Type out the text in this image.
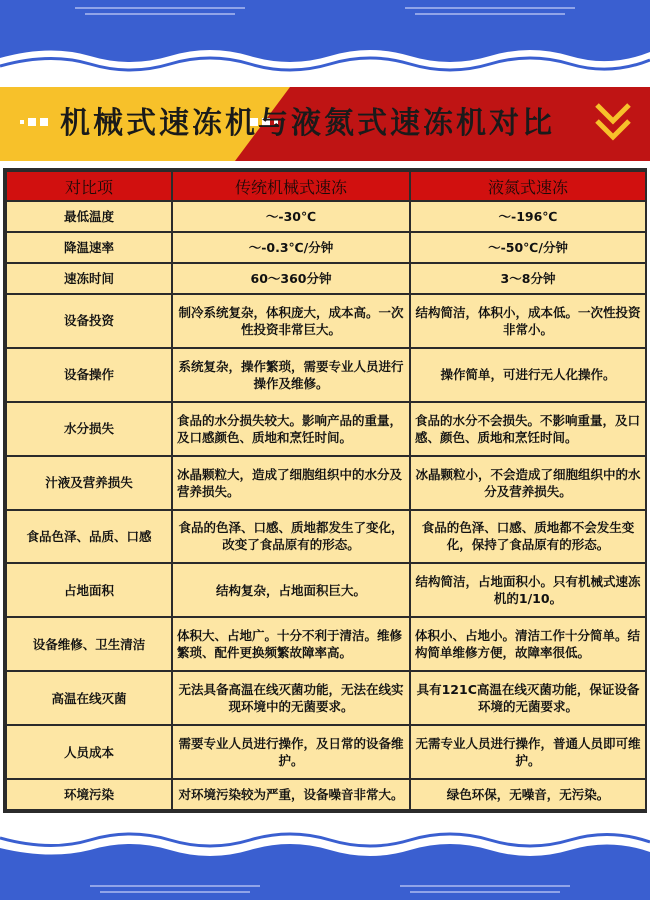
机械式速冻机与液氮式速冻机对比
对比项	传统机械式速冻	液氮式速冻
最低温度	～-30℃	～-196℃
降温速率	～-0.3℃/分钟	～-50℃/分钟
速冻时间	60～360分钟	3～8分钟
设备投资	制冷系统复杂，体积庞大，成本高。一次性投资非常巨大。	结构简洁，体积小，成本低。一次性投资非常小。
设备操作	系统复杂，操作繁琐，需要专业人员进行操作及维修。	操作简单，可进行无人化操作。
水分损失	食品的水分损失较大。影响产品的重量，及口感颜色、质地和烹饪时间。	食品的水分不会损失。不影响重量，及口感、颜色、质地和烹饪时间。
汁液及营养损失	冰晶颗粒大，造成了细胞组织中的水分及营养损失。	冰晶颗粒小，不会造成了细胞组织中的水分及营养损失。
食品色泽、品质、口感	食品的色泽、口感、质地都发生了变化，改变了食品原有的形态。	食品的色泽、口感、质地都不会发生变化，保持了食品原有的形态。
占地面积	结构复杂，占地面积巨大。	结构简洁，占地面积小。只有机械式速冻机的1/10。
设备维修、卫生清洁	体积大、占地广。十分不利于清洁。维修繁琐、配件更换频繁故障率高。	体积小、占地小。清洁工作十分简单。结构简单维修方便，故障率很低。
高温在线灭菌	无法具备高温在线灭菌功能，无法在线实现环境中的无菌要求。	具有121C高温在线灭菌功能，保证设备环境的无菌要求。
人员成本	需要专业人员进行操作，及日常的设备维护。	无需专业人员进行操作，普通人员即可维护。
环境污染	对环境污染较为严重，设备噪音非常大。	绿色环保，无噪音，无污染。
